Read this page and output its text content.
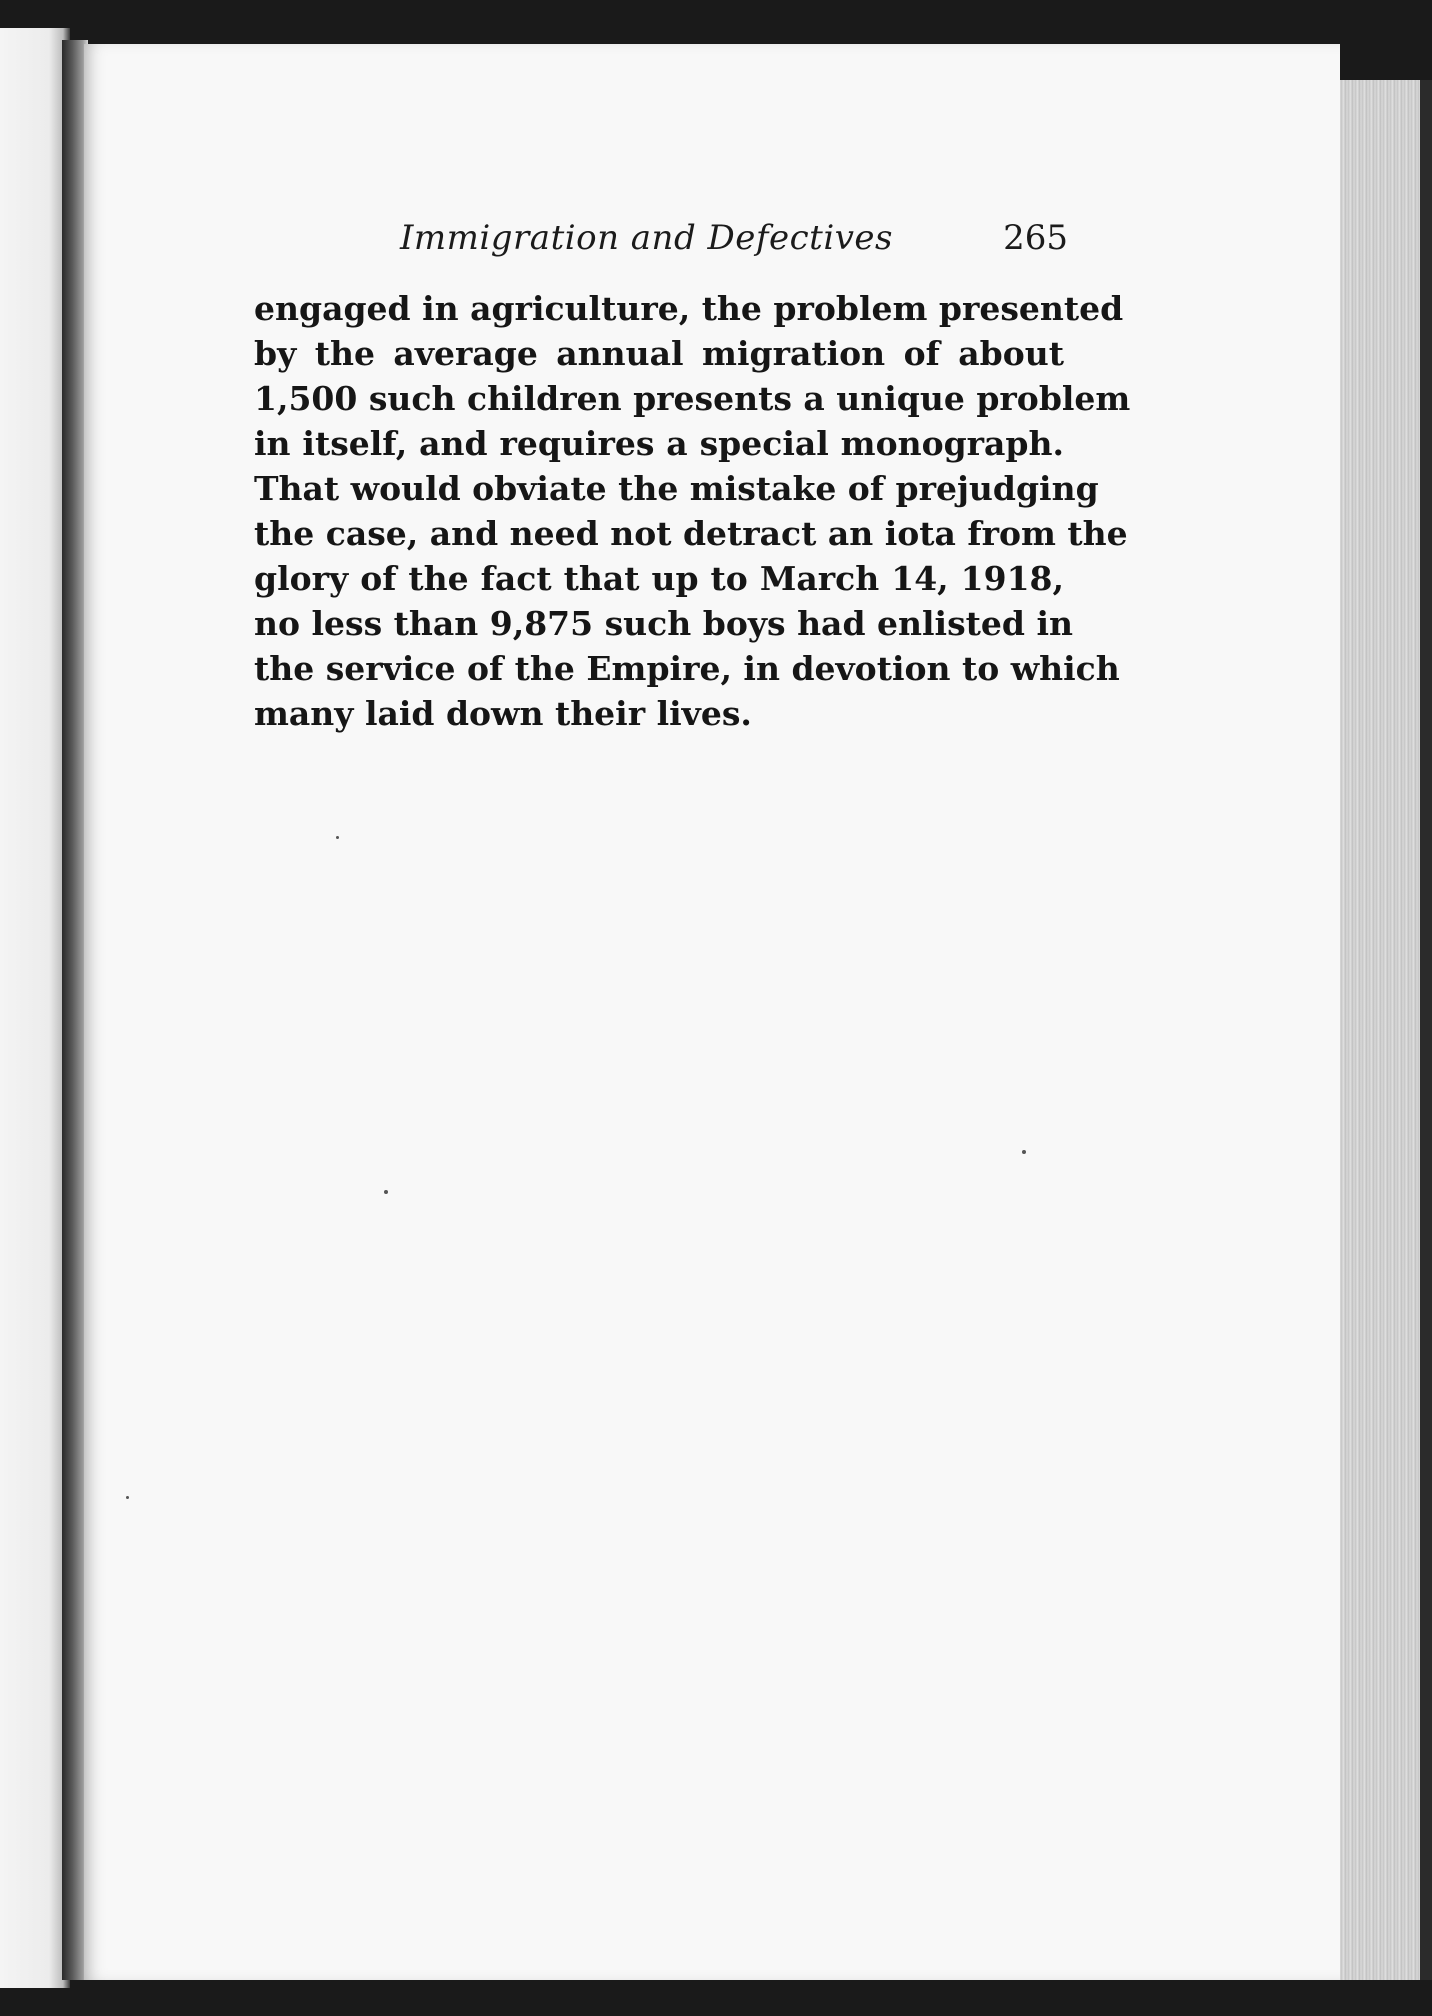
Immigration and Defectives	265
engaged in agriculture, the problem presented
by the average annual migration of about
1,500 such children presents a unique problem
in itself, and requires a special monograph.
That would obviate the mistake of prejudging
the case, and need not detract an iota from the
glory of the fact that up to March 14, 1918,
no less than 9,875 such boys had enlisted in
the service of the Empire, in devotion to which
many laid down their lives.
